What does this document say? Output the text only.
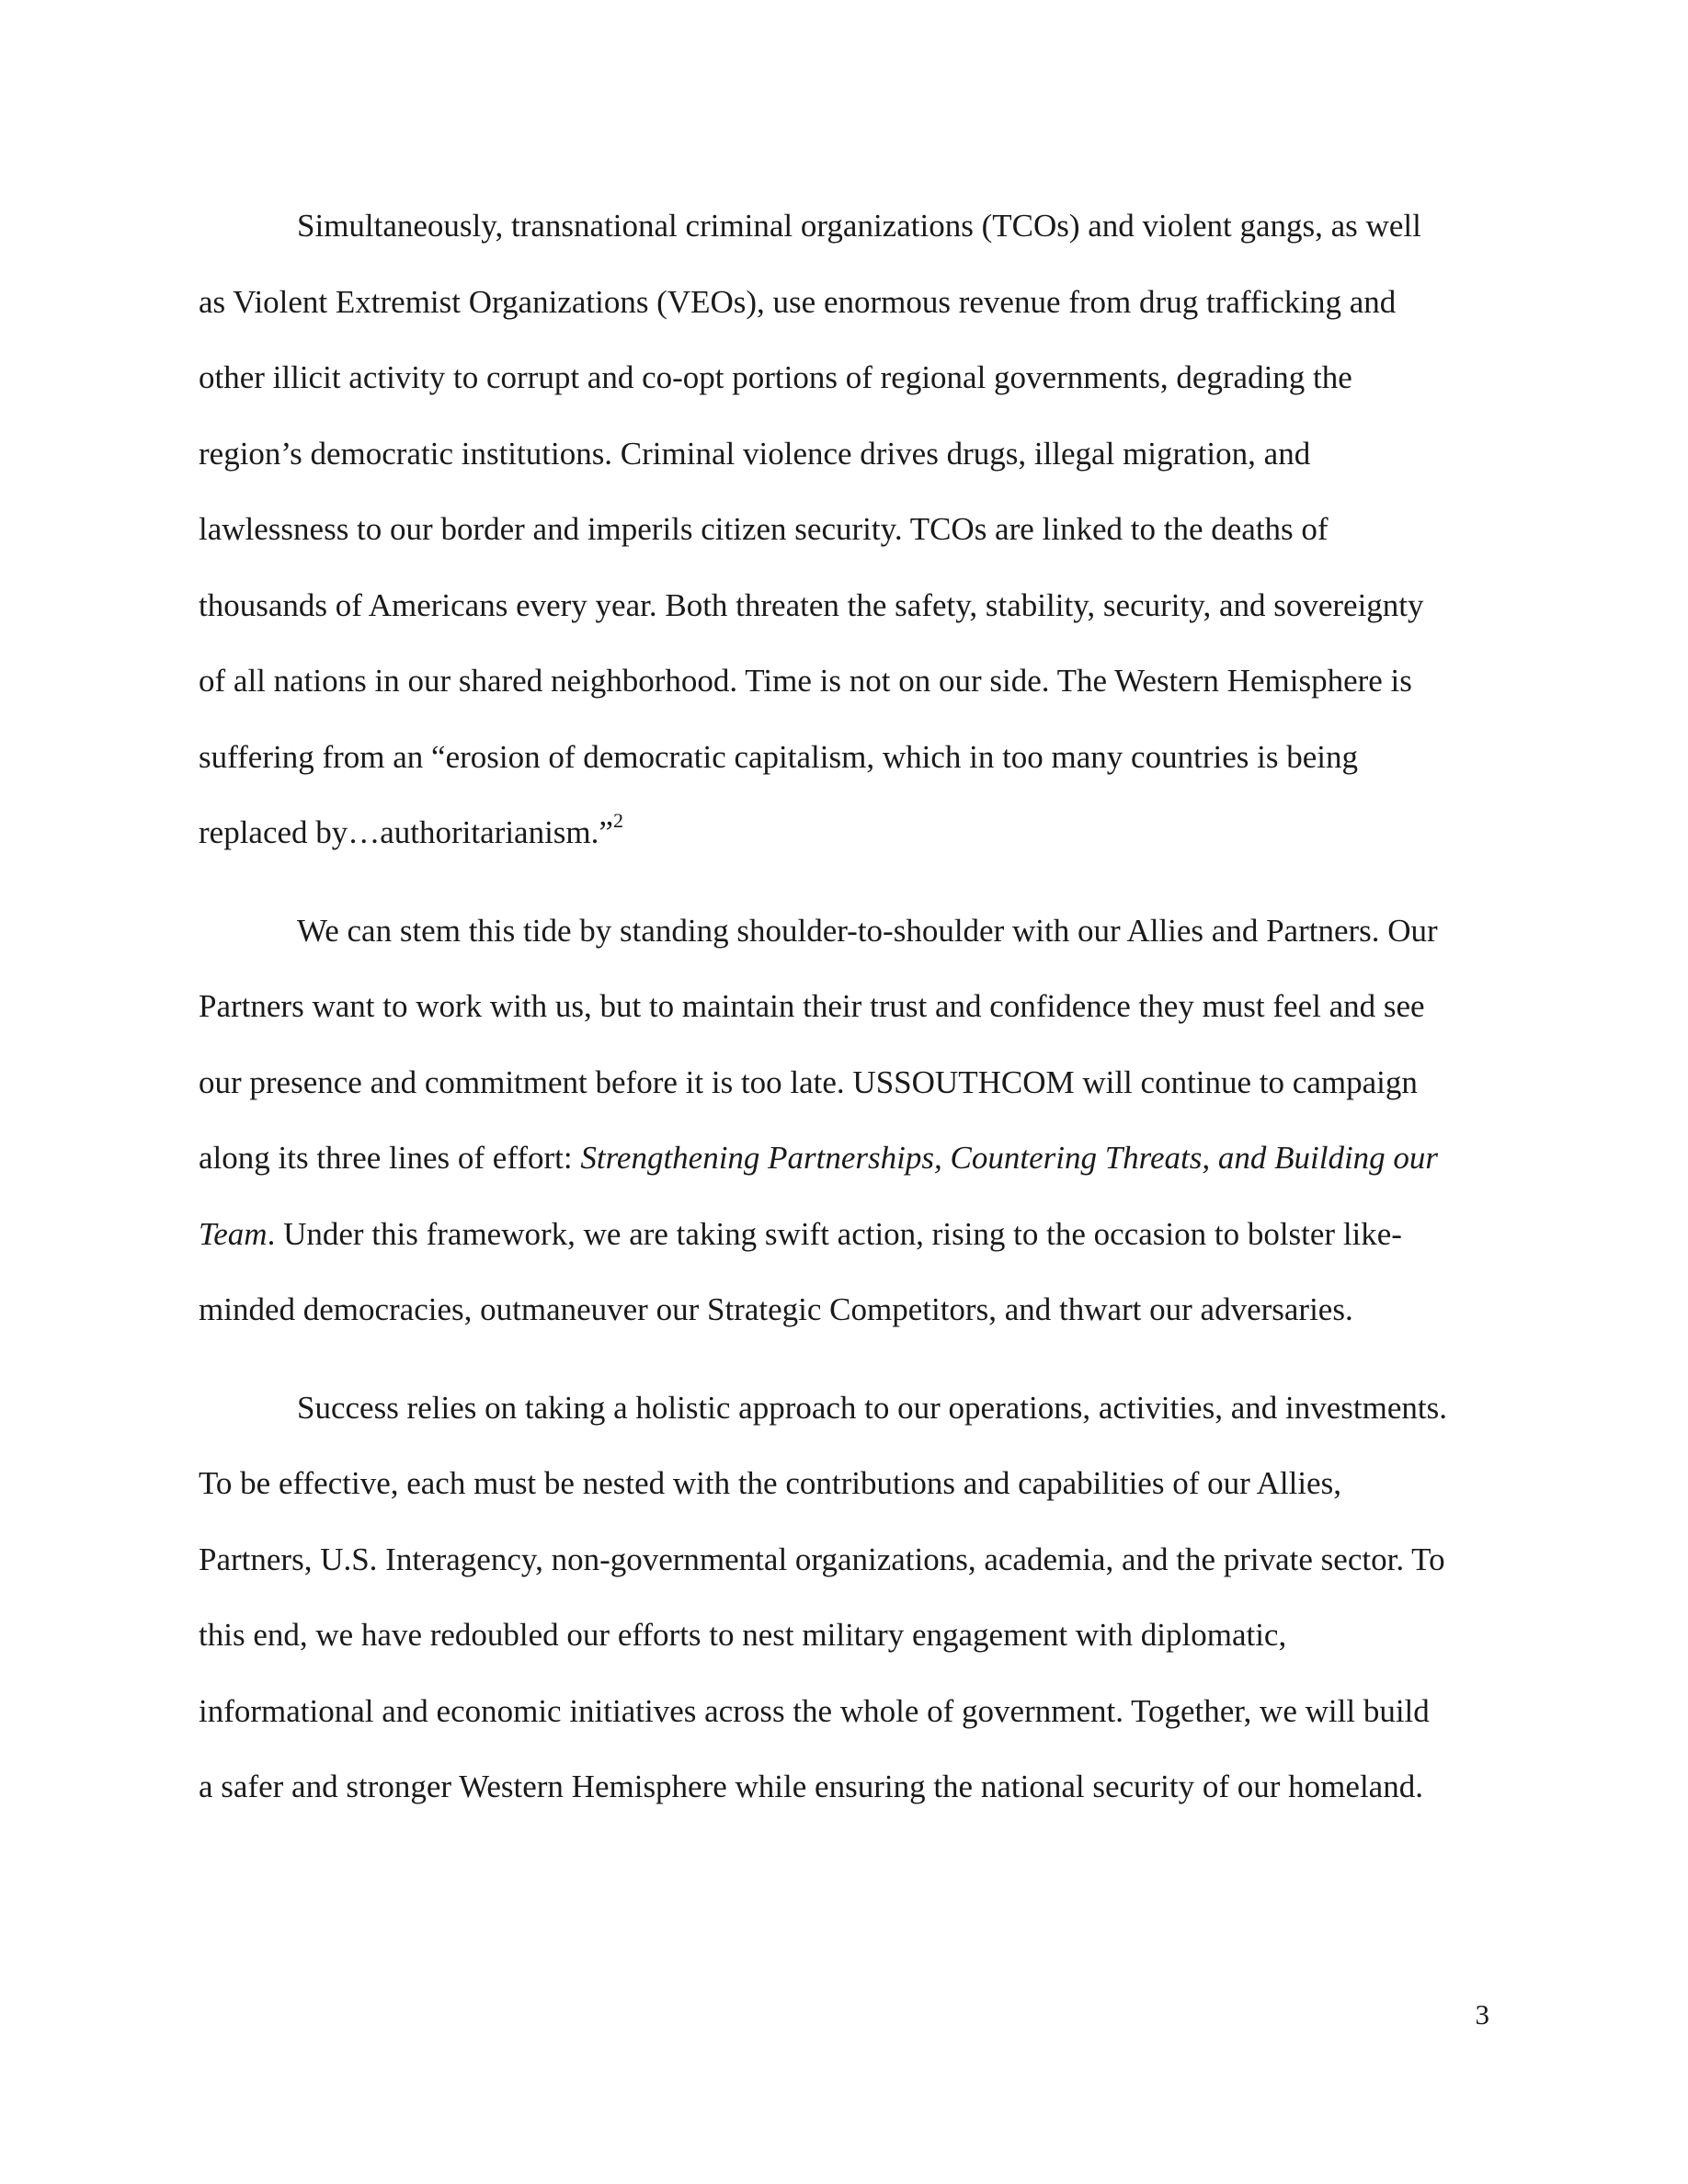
Simultaneously, transnational criminal organizations (TCOs) and violent gangs, as well
as Violent Extremist Organizations (VEOs), use enormous revenue from drug trafficking and
other illicit activity to corrupt and co-opt portions of regional governments, degrading the
region’s democratic institutions. Criminal violence drives drugs, illegal migration, and
lawlessness to our border and imperils citizen security. TCOs are linked to the deaths of
thousands of Americans every year. Both threaten the safety, stability, security, and sovereignty
of all nations in our shared neighborhood. Time is not on our side. The Western Hemisphere is
suffering from an “erosion of democratic capitalism, which in too many countries is being
replaced by…authoritarianism.”$^2$

We can stem this tide by standing shoulder-to-shoulder with our Allies and Partners. Our
Partners want to work with us, but to maintain their trust and confidence they must feel and see
our presence and commitment before it is too late. USSOUTHCOM will continue to campaign
along its three lines of effort: Strengthening Partnerships, Countering Threats, and Building our
Team. Under this framework, we are taking swift action, rising to the occasion to bolster like-
minded democracies, outmaneuver our Strategic Competitors, and thwart our adversaries.

Success relies on taking a holistic approach to our operations, activities, and investments.
To be effective, each must be nested with the contributions and capabilities of our Allies,
Partners, U.S. Interagency, non-governmental organizations, academia, and the private sector. To
this end, we have redoubled our efforts to nest military engagement with diplomatic,
informational and economic initiatives across the whole of government. Together, we will build
a safer and stronger Western Hemisphere while ensuring the national security of our homeland.

3
